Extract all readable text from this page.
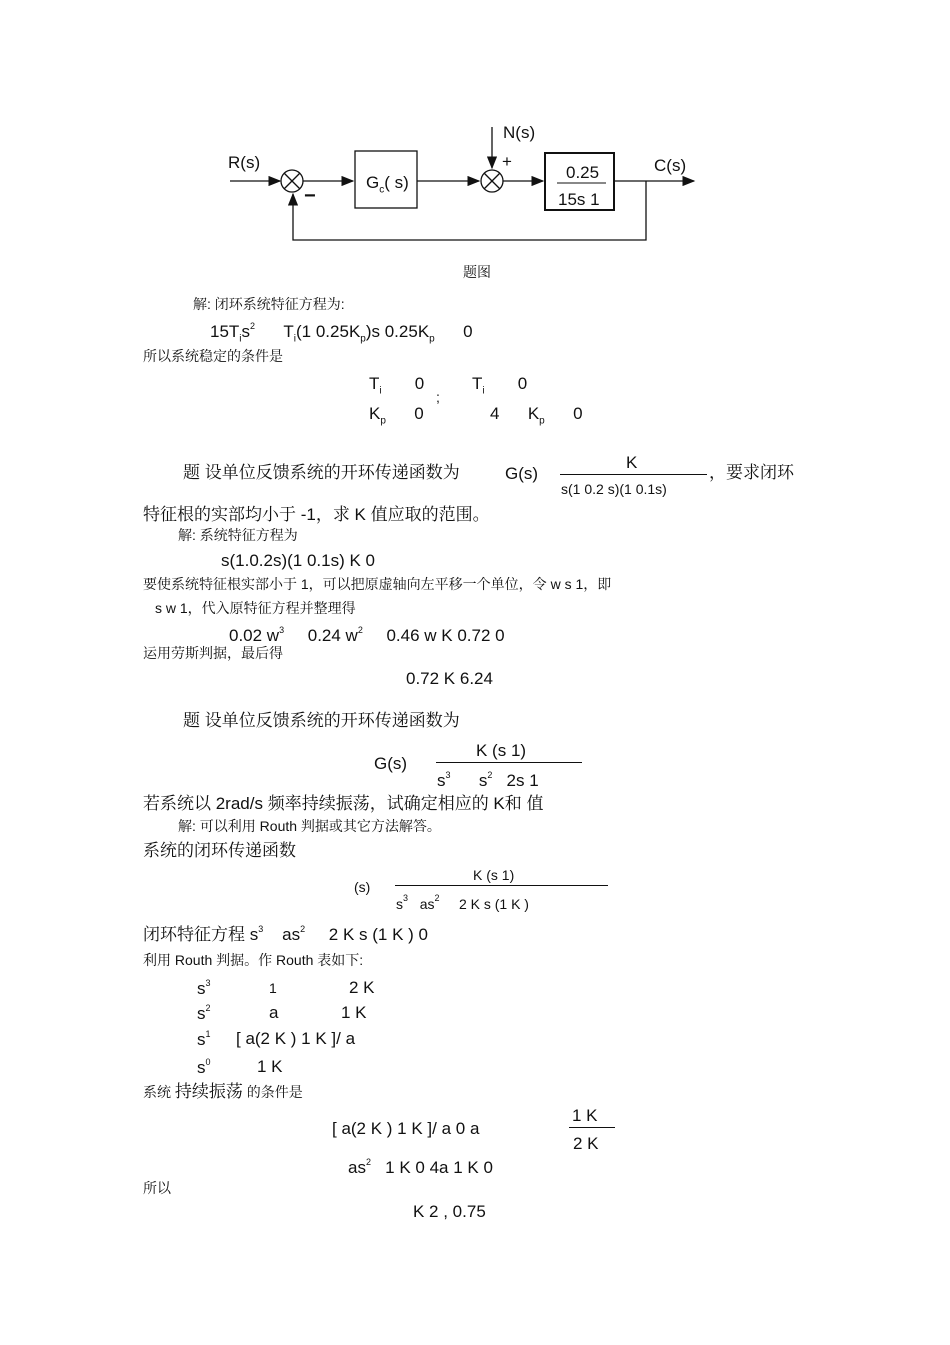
R(s)
N(s)
C(s)
−
+
$G_c$( s)
0.25
15s 1
题图
解: 闭环系统特征方程为:
$15T_is^2$ $T_i(1$ $0.25K_p)s$ $0.25K_p$ 0
所以系统稳定的条件是
$T_i$ 0	$T_i$ 0
;
$K_p$ 0	4 $K_p$ 0
题 设单位反馈系统的开环传递函数为	G(s)
K
s(1 0.2 s)(1 0.1s)
，要求闭环
特征根的实部均小于 -1，求 K 值应取的范围。
解: 系统特征方程为
s(1.0.2s)(1 0.1s) K 0
要使系统特征根实部小于 1，可以把原虚轴向左平移一个单位，令 w s 1，即
s w 1，代入原特征方程并整理得
0.02 $w^3$ 0.24 $w^2$ 0.46 w K 0.72 0
运用劳斯判据，最后得
0.72 K 6.24
题 设单位反馈系统的开环传递函数为
G(s)
K (s 1)
$s^3$ $s^2$ 2s 1
若系统以 2rad/s 频率持续振荡，试确定相应的 K和 值
解: 可以利用 Routh 判据或其它方法解答。
系统的闭环传递函数
(s)
K (s 1)
$s^3$ $as^2$ 2 K s (1 K )
闭环特征方程 $s^3$ $as^2$ 2 K s (1 K ) 0
利用 Routh 判据。作 Routh 表如下:
$s^3$	1	2 K
$s^2$	a	1 K
$s^1$ [ a(2 K ) 1 K ]/ a
$s^0$	1 K
系统 持续振荡 的条件是
[ a(2 K ) 1 K ]/ a 0 a
1 K
2 K
$as^2$ 1 K 0 4a 1 K 0
所以
K 2 , 0.75
